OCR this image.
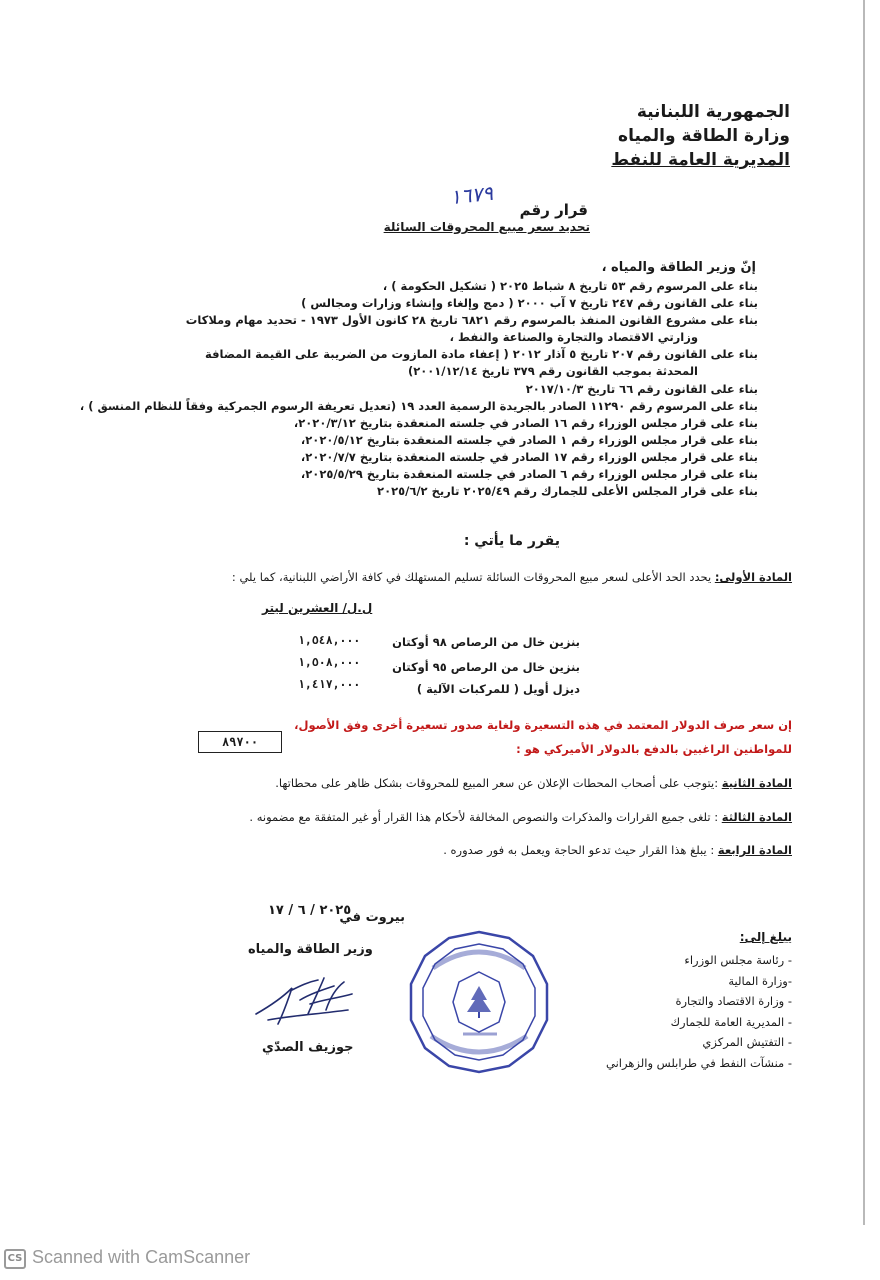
الجمهورية اللبنانية
وزارة الطاقة والمياه
المديرية العامة للنفط
قرار رقم
١٦٧٩
تحديد سعر مبيع المحروقات السائلة
إنّ وزير الطاقة والمياه ،
بناء على المرسوم رقم ٥٣ تاريخ ٨ شباط ٢٠٢٥ ( تشكيل الحكومة ) ،
بناء على القانون رقم ٢٤٧ تاريخ ٧ آب ٢٠٠٠ ( دمج وإلغاء وإنشاء وزارات ومجالس )
بناء على مشروع القانون المنفذ بالمرسوم رقم ٦٨٢١ تاريخ ٢٨ كانون الأول ١٩٧٣ - تحديد مهام وملاكات
وزارتي الاقتصاد والتجارة والصناعة والنفط ،
بناء على القانون رقم ٢٠٧ تاريخ ٥ آذار ٢٠١٢ ( إعفاء مادة المازوت من الضريبة على القيمة المضافة
المحدثة بموجب القانون رقم ٣٧٩ تاريخ ٢٠٠١/١٢/١٤)
بناء على القانون رقم ٦٦ تاريخ ٢٠١٧/١٠/٣
بناء على المرسوم رقم ١١٢٩٠ الصادر بالجريدة الرسمية العدد ١٩ (تعديل تعريفة الرسوم الجمركية وفقاً للنظام المنسق ) ،
بناء على قرار مجلس الوزراء رقم ١٦ الصادر في جلسته المنعقدة بتاريخ ٢٠٢٠/٣/١٢،
بناء على قرار مجلس الوزراء رقم ١ الصادر في جلسته المنعقدة بتاريخ ٢٠٢٠/٥/١٢،
بناء على قرار مجلس الوزراء رقم ١٧ الصادر في جلسته المنعقدة بتاريخ ٢٠٢٠/٧/٧،
بناء على قرار مجلس الوزراء رقم ٦ الصادر في جلسته المنعقدة بتاريخ ٢٠٢٥/٥/٢٩،
بناء على قرار المجلس الأعلى للجمارك رقم ٢٠٢٥/٤٩ تاريخ ٢٠٢٥/٦/٢
يقرر ما يأتي :
المادة الأولى: يحدد الحد الأعلى لسعر مبيع المحروقات السائلة تسليم المستهلك في كافة الأراضي اللبنانية، كما يلي :
ل.ل/ العشرين ليتر
بنزين خال من الرصاص ٩٨ أوكتان
١,٥٤٨,٠٠٠
بنزين خال من الرصاص ٩٥ أوكتان
١,٥٠٨,٠٠٠
ديزل أويل ( للمركبات الآلية )
١,٤١٧,٠٠٠
إن سعر صرف الدولار المعتمد في هذه التسعيرة ولغاية صدور تسعيرة أخرى وفق الأصول،
للمواطنين الراغبين بالدفع بالدولار الأميركي هو :
٨٩٧٠٠
المادة الثانية :يتوجب على أصحاب المحطات الإعلان عن سعر المبيع للمحروقات بشكل ظاهر على محطاتها.
المادة الثالثة : تلغى جميع القرارات والمذكرات والنصوص المخالفة لأحكام هذا القرار أو غير المتفقة مع مضمونه .
المادة الرابعة : يبلغ هذا القرار حيث تدعو الحاجة ويعمل به فور صدوره .
بيروت في
٢٠٢٥ / ٦ / ١٧
وزير الطاقة والمياه
جوزيف الصدّي
يبلغ إلى:
- رئاسة مجلس الوزراء
-وزارة المالية
- وزارة الاقتصاد والتجارة
- المديرية العامة للجمارك
- التفتيش المركزي
- منشآت النفط في طرابلس والزهراني
CS Scanned with CamScanner
